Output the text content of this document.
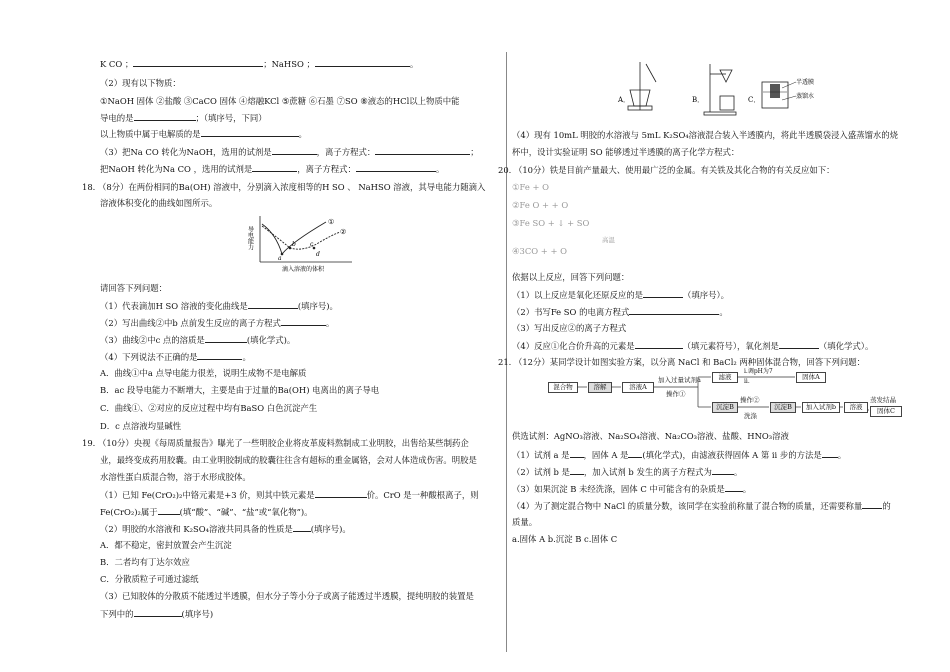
K CO ；	；NaHSO ；	。
（2）现有以下物质：
①NaOH 固体 ②盐酸 ③CaCO 固体 ④熔融KCl ⑤蔗糖 ⑥石墨 ⑦SO ⑧液态的HCl以上物质中能
导电的是	；（填序号，下同）
以上物质中属于电解质的是	。
（3）把Na CO 转化为NaOH，选用的试剂是	，离子方程式：	；
把NaOH 转化为Na CO ，选用的试剂是	，离子方程式：	。
18. （8分）在两份相同的Ba(OH) 溶液中，分别滴入浓度相等的H SO 、 NaHSO 溶液，其导电能力随滴入
溶液体积变化的曲线如图所示。
①
②
a
b c
d
导电能力
滴入溶液的体积
请回答下列问题：
（1）代表滴加H SO 溶液的变化曲线是	(填序号)。
（2）写出曲线②中b 点前发生反应的离子方程式	。
（3）曲线②中c 点的溶质是	(填化学式)。
（4）下列说法不正确的是	。
A．曲线①中a 点导电能力很差，说明生成物不是电解质
B．ac 段导电能力不断增大，主要是由于过量的Ba(OH) 电离出的离子导电
C．曲线①、②对应的反应过程中均有BaSO 白色沉淀产生
D．c 点溶液均显碱性
19. （10分）央视《每周质量报告》曝光了一些明胶企业将皮革废料熬制成工业明胶，出售给某些制药企
业，最终变成药用胶囊。由工业明胶制成的胶囊往往含有超标的重金属铬，会对人体造成伤害。明胶是
水溶性蛋白质混合物，溶于水形成胶体。
（1）已知 Fe(CrO₂)₂中铬元素是+3 价，则其中铁元素是	价。CrO 是一种酸根离子，则
Fe(CrO₂)₂属于	(填“酸”、“碱”、“盐”或“氧化物”)。
（2）明胶的水溶液和 K₂SO₄溶液共同具备的性质是 (填序号)。
A．都不稳定，密封放置会产生沉淀
B．二者均有丁达尔效应
C．分散质粒子可通过滤纸
（3）已知胶体的分散质不能透过半透膜，但水分子等小分子或离子能透过半透膜，提纯明胶的装置是
下列中的	(填序号)
A．	B．	C．
半透膜
蒸馏水
（4）现有 10mL 明胶的水溶液与 5mL K₂SO₄溶液混合装入半透膜内，将此半透膜袋浸入盛蒸馏水的烧
杯中，设计实验证明 SO 能够透过半透膜的离子化学方程式：
20. （10分）铁是目前产量最大、使用最广泛的金属。有关铁及其化合物的有关反应如下：
①Fe + O
②Fe O + + O
③Fe SO + ↓ + SO
高温
④3CO + + O
依据以上反应，回答下列问题：
（1）以上反应是氧化还原反应的是	（填序号）。
（2）书写Fe SO 的电离方程式	。
（3）写出反应②的离子方程式
（4）反应①化合价升高的元素是	（填元素符号），氧化剂是	（填化学式）。
21. （12分）某同学设计如图实验方案，以分离 NaCl 和 BaCl₂ 两种固体混合物，回答下列问题：
混合物	溶解	溶液A
加入过量试剂a
操作①
滤液
i.调pH为7
ii.
固体A
沉淀B
操作②
洗涤
沉淀B	加入试剂b	溶液
蒸发结晶
固体C
供选试剂：AgNO₃溶液、Na₂SO₄溶液、Na₂CO₃溶液、盐酸、HNO₃溶液
（1）试剂 a 是 ，固体 A 是 (填化学式)，由滤液获得固体 A 第 ii 步的方法是 。
（2）试剂 b 是 ，加入试剂 b 发生的离子方程式为	。
（3）如果沉淀 B 未经洗涤，固体 C 中可能含有的杂质是 。
（4）为了测定混合物中 NaCl 的质量分数，该同学在实验前称量了混合物的质量，还需要称量 的
质量。
a.固体 A b.沉淀 B c.固体 C
